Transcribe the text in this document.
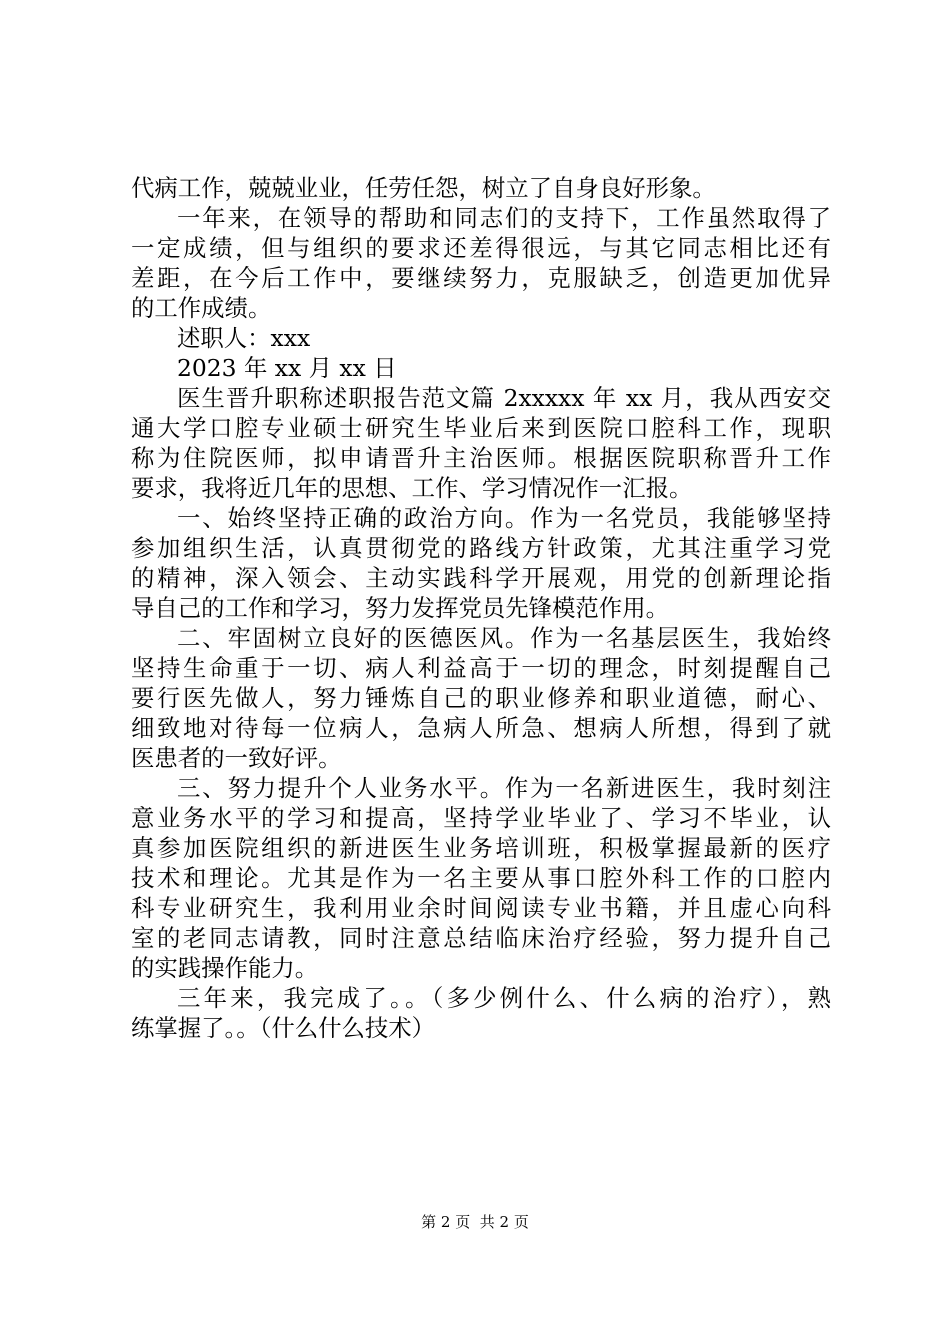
代病工作，兢兢业业，任劳任怨，树立了自身良好形象。
一年来，在领导的帮助和同志们的支持下，工作虽然取得了
一定成绩，但与组织的要求还差得很远，与其它同志相比还有
差距，在今后工作中，要继续努力，克服缺乏，创造更加优异
的工作成绩。
述职人：xxx
2023 年 xx 月 xx 日
医生晋升职称述职报告范文篇 2xxxxx 年 xx 月，我从西安交
通大学口腔专业硕士研究生毕业后来到医院口腔科工作，现职
称为住院医师，拟申请晋升主治医师。根据医院职称晋升工作
要求，我将近几年的思想、工作、学习情况作一汇报。
一、始终坚持正确的政治方向。作为一名党员，我能够坚持
参加组织生活，认真贯彻党的路线方针政策，尤其注重学习党
的精神，深入领会、主动实践科学开展观，用党的创新理论指
导自己的工作和学习，努力发挥党员先锋模范作用。
二、牢固树立良好的医德医风。作为一名基层医生，我始终
坚持生命重于一切、病人利益高于一切的理念，时刻提醒自己
要行医先做人，努力锤炼自己的职业修养和职业道德，耐心、
细致地对待每一位病人，急病人所急、想病人所想，得到了就
医患者的一致好评。
三、努力提升个人业务水平。作为一名新进医生，我时刻注
意业务水平的学习和提高，坚持学业毕业了、学习不毕业，认
真参加医院组织的新进医生业务培训班，积极掌握最新的医疗
技术和理论。尤其是作为一名主要从事口腔外科工作的口腔内
科专业研究生，我利用业余时间阅读专业书籍，并且虚心向科
室的老同志请教，同时注意总结临床治疗经验，努力提升自己
的实践操作能力。
三年来，我完成了。。（多少例什么、什么病的治疗），熟
练掌握了。。（什么什么技术）
第 2 页  共 2 页
